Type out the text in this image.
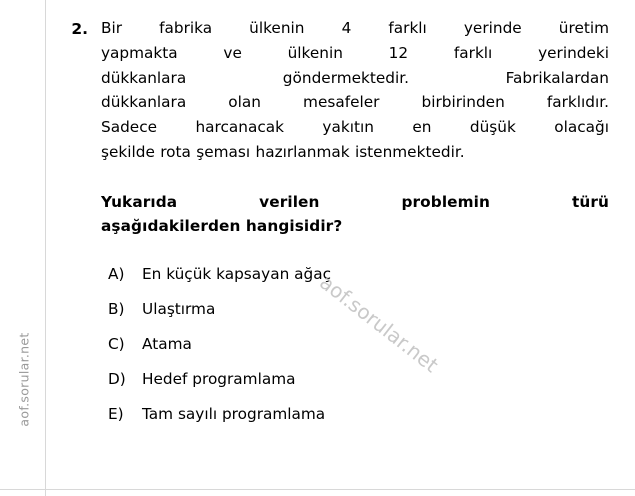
aof.sorular.net
2. Bir fabrika ülkenin 4 farklı yerinde üretim
yapmakta ve ülkenin 12 farklı yerindeki
dükkanlara göndermektedir. Fabrikalardan
dükkanlara olan mesafeler birbirinden farklıdır.
Sadece harcanacak yakıtın en düşük olacağı
şekilde rota şeması hazırlanmak istenmektedir.
Yukarıda verilen problemin türü
aşağıdakilerden hangisidir?
A)	En küçük kapsayan ağaç
B)	Ulaştırma
C)	Atama
D)	Hedef programlama
E)	Tam sayılı programlama
aof.sorular.net
